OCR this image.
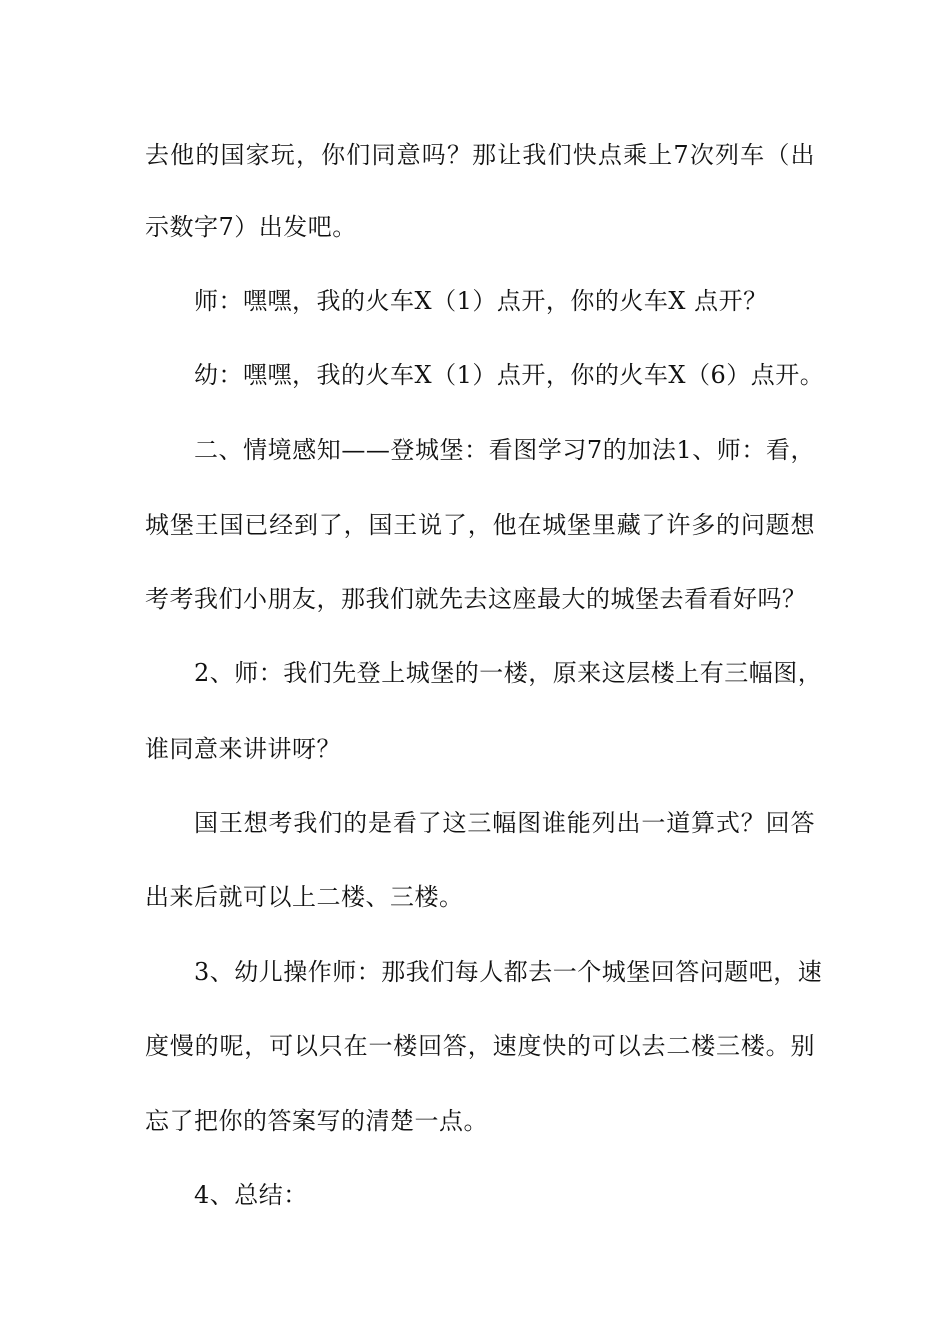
去他的国家玩，你们同意吗？那让我们快点乘上7次列车（出
示数字7）出发吧。
师：嘿嘿，我的火车X（1）点开，你的火车X 点开？
幼：嘿嘿，我的火车X（1）点开，你的火车X（6）点开。
二、情境感知——登城堡：看图学习7的加法1、师：看，
城堡王国已经到了，国王说了，他在城堡里藏了许多的问题想
考考我们小朋友，那我们就先去这座最大的城堡去看看好吗？
2、师：我们先登上城堡的一楼，原来这层楼上有三幅图，
谁同意来讲讲呀？
国王想考我们的是看了这三幅图谁能列出一道算式？回答
出来后就可以上二楼、三楼。
3、幼儿操作师：那我们每人都去一个城堡回答问题吧，速
度慢的呢，可以只在一楼回答，速度快的可以去二楼三楼。别
忘了把你的答案写的清楚一点。
4、总结：
